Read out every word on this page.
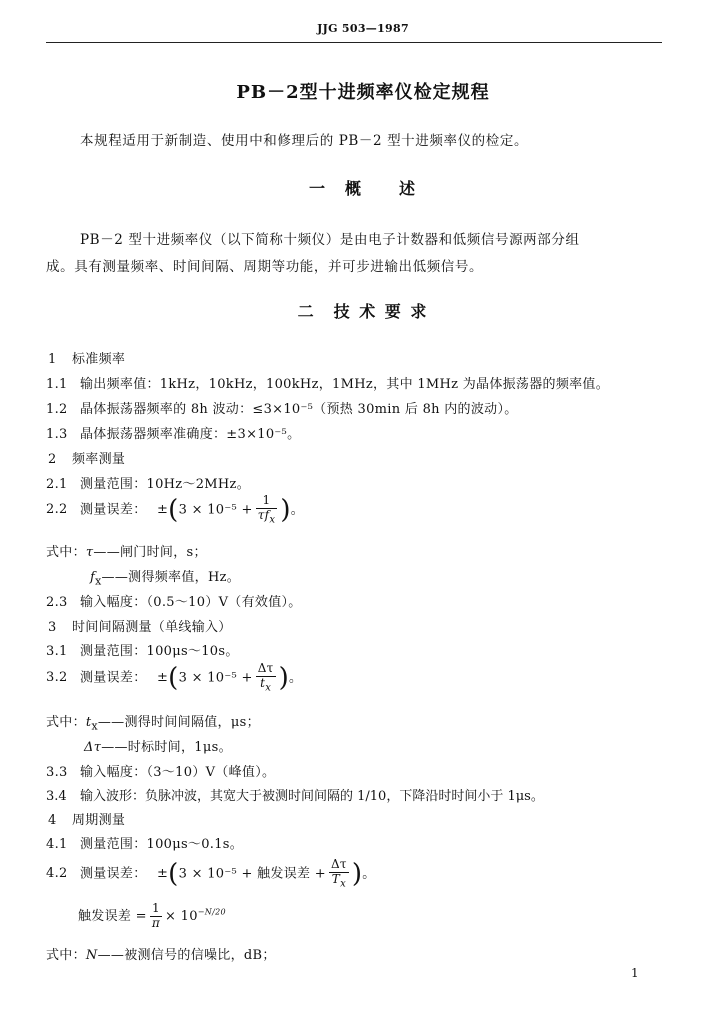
JJG 503—1987
PB－2型十进频率仪检定规程
本规程适用于新制造、使用中和修理后的 PB－2 型十进频率仪的检定。
一　概　　述
PB－2 型十进频率仪（以下简称十频仪）是由电子计数器和低频信号源两部分组
成。具有测量频率、时间间隔、周期等功能，并可步进输出低频信号。
二　技 术 要 求
1 标准频率
1.1 输出频率值：1kHz，10kHz，100kHz，1MHz，其中 1MHz 为晶体振荡器的频率值。
1.2 晶体振荡器频率的 8h 波动：≤3×10⁻⁵（预热 30min 后 8h 内的波动）。
1.3 晶体振荡器频率准确度：±3×10⁻⁵。
2 频率测量
2.1 测量范围：10Hz～2MHz。
2.2 测量误差： $\pm(3 \times 10^{-5} + \frac{1}{\tau f_x}$ )。
式中：τ——闸门时间，s；
$f_x——$测得频率值，Hz。
2.3 输入幅度：（0.5～10）V（有效值）。
3 时间间隔测量（单线输入）
3.1 测量范围：100μs～10s。
3.2 测量误差： $\pm(3 \times 10^{-5} + \frac{\Delta\tau}{t_x}$ )。
式中：$t_x——$测得时间间隔值，μs；
Δτ——时标时间，1μs。
3.3 输入幅度：（3～10）V（峰值）。
3.4 输入波形：负脉冲波，其宽大于被测时间间隔的 1/10，下降沿时时间小于 1μs。
4 周期测量
4.1 测量范围：100μs～0.1s。
4.2 测量误差： ±(3 × 10⁻⁵ + 触发误差 + $\frac{\Delta\tau}{T_x}$ )。
触发误差 = $\frac{1}{\pi} \times 10^{-N/20}$
式中：N——被测信号的信噪比，dB；
1
